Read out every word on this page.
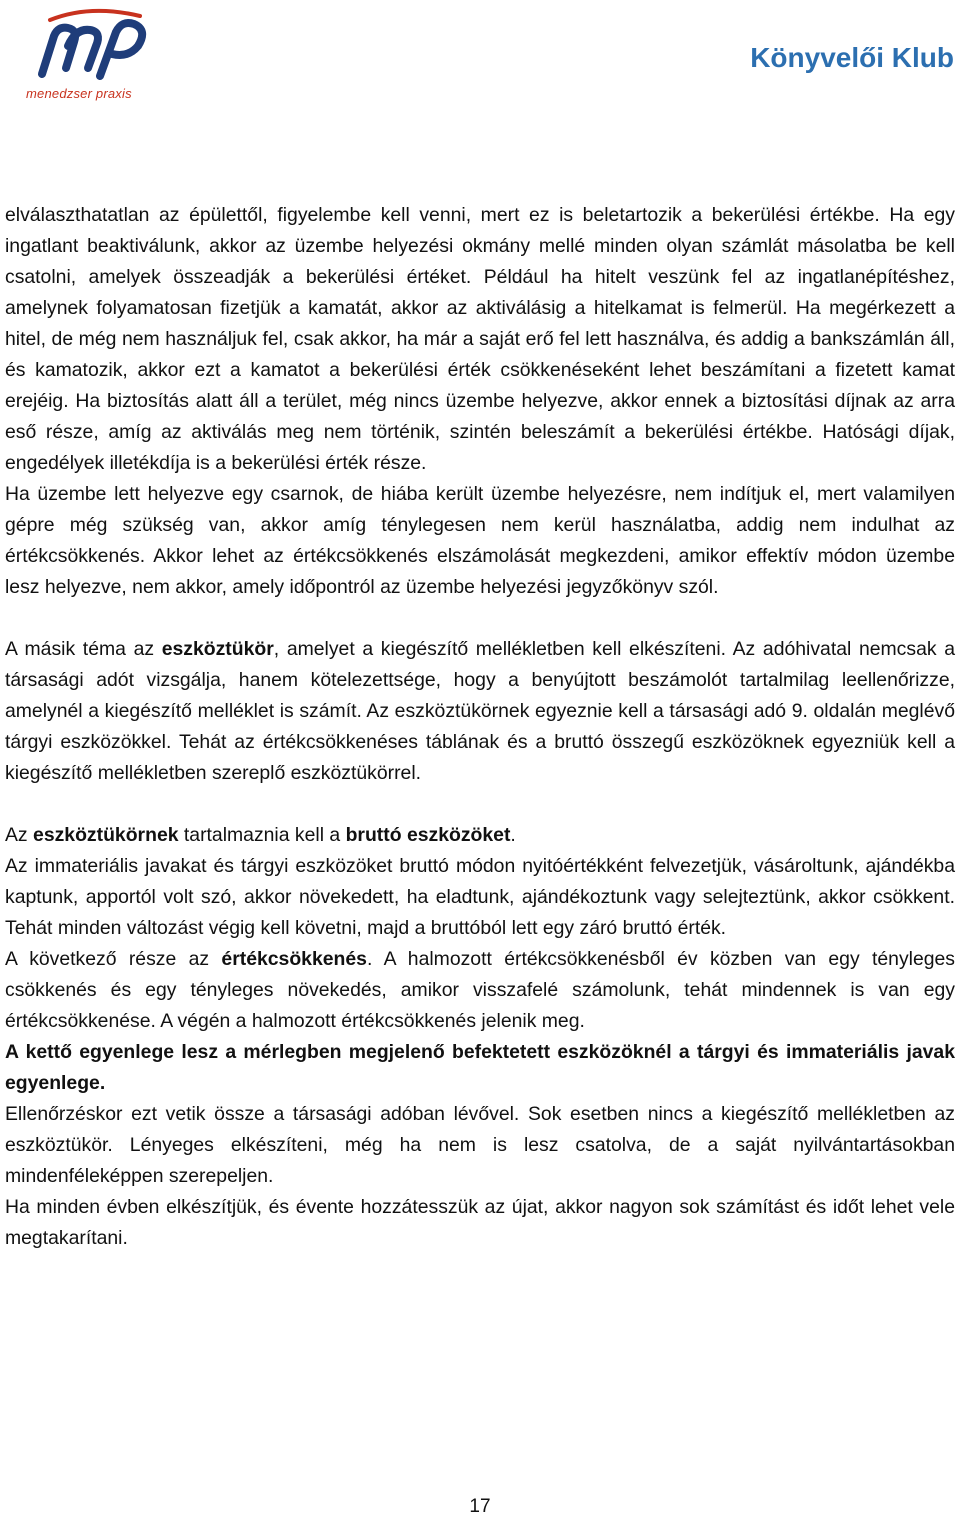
menedzser praxis
Könyvelői Klub

elválaszthatatlan az épülettől, figyelembe kell venni, mert ez is beletartozik a bekerülési értékbe. Ha egy ingatlant beaktiválunk, akkor az üzembe helyezési okmány mellé minden olyan számlát másolatba be kell csatolni, amelyek összeadják a bekerülési értéket. Például ha hitelt veszünk fel az ingatlanépítéshez, amelynek folyamatosan fizetjük a kamatát, akkor az aktiválásig a hitelkamat is felmerül. Ha megérkezett a hitel, de még nem használjuk fel, csak akkor, ha már a saját erő fel lett használva, és addig a bankszámlán áll, és kamatozik, akkor ezt a kamatot a bekerülési érték csökkenéseként lehet beszámítani a fizetett kamat erejéig. Ha biztosítás alatt áll a terület, még nincs üzembe helyezve, akkor ennek a biztosítási díjnak az arra eső része, amíg az aktiválás meg nem történik, szintén beleszámít a bekerülési értékbe. Hatósági díjak, engedélyek illetékdíja is a bekerülési érték része.

Ha üzembe lett helyezve egy csarnok, de hiába került üzembe helyezésre, nem indítjuk el, mert valamilyen gépre még szükség van, akkor amíg ténylegesen nem kerül használatba, addig nem indulhat az értékcsökkenés. Akkor lehet az értékcsökkenés elszámolását megkezdeni, amikor effektív módon üzembe lesz helyezve, nem akkor, amely időpontról az üzembe helyezési jegyzőkönyv szól.

A másik téma az eszköztükör, amelyet a kiegészítő mellékletben kell elkészíteni. Az adóhivatal nemcsak a társasági adót vizsgálja, hanem kötelezettsége, hogy a benyújtott beszámolót tartalmilag leellenőrizze, amelynél a kiegészítő melléklet is számít. Az eszköztükörnek egyeznie kell a társasági adó 9. oldalán meglévő tárgyi eszközökkel. Tehát az értékcsökkenéses táblának és a bruttó összegű eszközöknek egyezniük kell a kiegészítő mellékletben szereplő eszköztükörrel.

Az eszköztükörnek tartalmaznia kell a bruttó eszközöket.

Az immateriális javakat és tárgyi eszközöket bruttó módon nyitóértékként felvezetjük, vásároltunk, ajándékba kaptunk, apportól volt szó, akkor növekedett, ha eladtunk, ajándékoztunk vagy selejteztünk, akkor csökkent. Tehát minden változást végig kell követni, majd a bruttóból lett egy záró bruttó érték.

A következő része az értékcsökkenés. A halmozott értékcsökkenésből év közben van egy tényleges csökkenés és egy tényleges növekedés, amikor visszafelé számolunk, tehát mindennek is van egy értékcsökkenése. A végén a halmozott értékcsökkenés jelenik meg.

A kettő egyenlege lesz a mérlegben megjelenő befektetett eszközöknél a tárgyi és immateriális javak egyenlege.

Ellenőrzéskor ezt vetik össze a társasági adóban lévővel. Sok esetben nincs a kiegészítő mellékletben az eszköztükör. Lényeges elkészíteni, még ha nem is lesz csatolva, de a saját nyilvántartásokban mindenféleképpen szerepeljen.

Ha minden évben elkészítjük, és évente hozzátesszük az újat, akkor nagyon sok számítást és időt lehet vele megtakarítani.

17
